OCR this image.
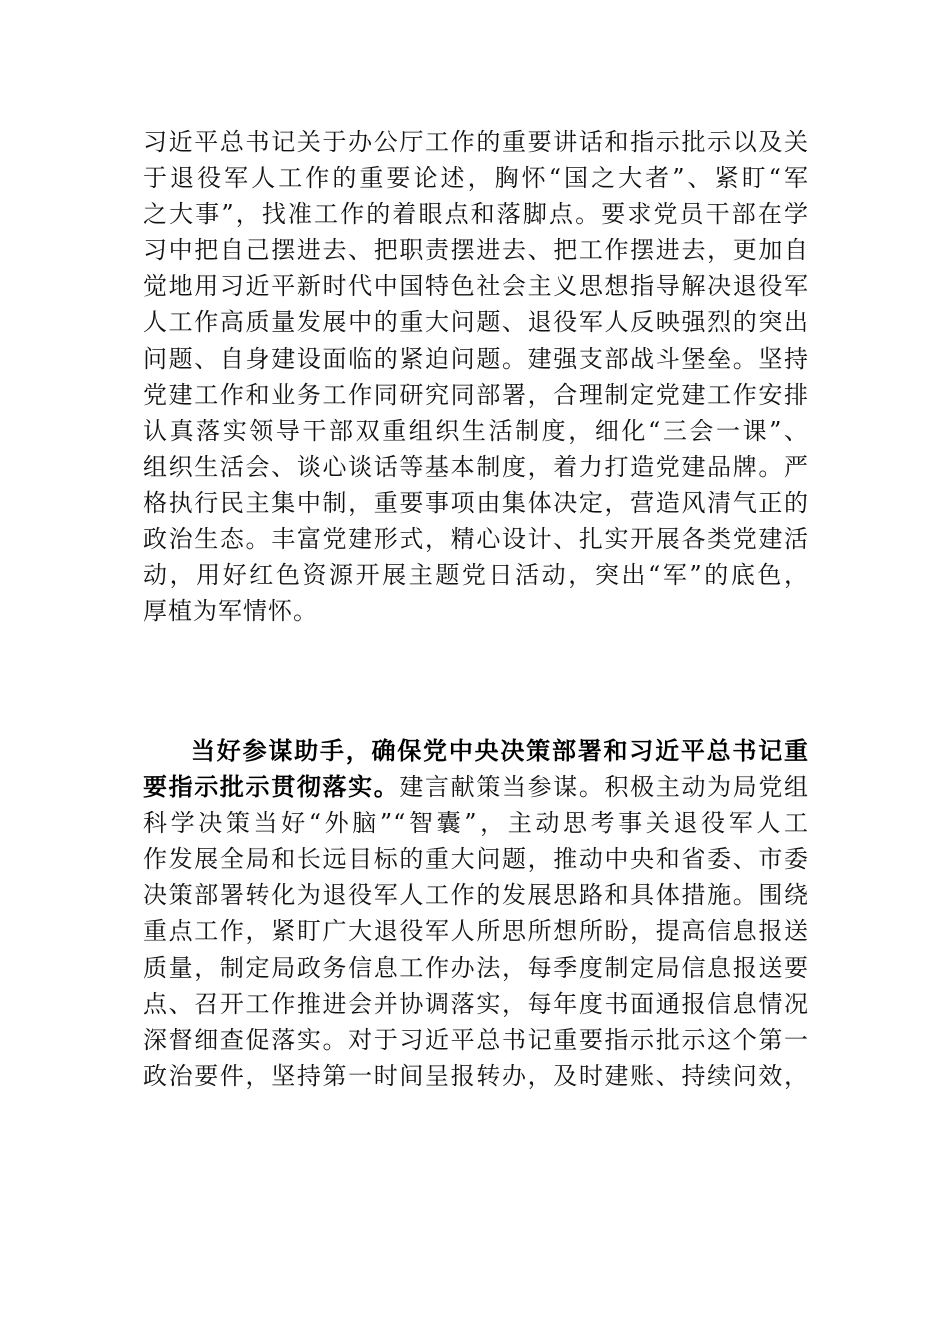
习近平总书记关于办公厅工作的重要讲话和指示批示以及关
于退役军人工作的重要论述，胸怀“国之大者”、紧盯“军
之大事”，找准工作的着眼点和落脚点。要求党员干部在学
习中把自己摆进去、把职责摆进去、把工作摆进去，更加自
觉地用习近平新时代中国特色社会主义思想指导解决退役军
人工作高质量发展中的重大问题、退役军人反映强烈的突出
问题、自身建设面临的紧迫问题。建强支部战斗堡垒。坚持
党建工作和业务工作同研究同部署，合理制定党建工作安排
认真落实领导干部双重组织生活制度，细化“三会一课”、
组织生活会、谈心谈话等基本制度，着力打造党建品牌。严
格执行民主集中制，重要事项由集体决定，营造风清气正的
政治生态。丰富党建形式，精心设计、扎实开展各类党建活
动，用好红色资源开展主题党日活动，突出“军”的底色，
厚植为军情怀。
当好参谋助手，确保党中央决策部署和习近平总书记重
要指示批示贯彻落实。建言献策当参谋。积极主动为局党组
科学决策当好“外脑”“智囊”，主动思考事关退役军人工
作发展全局和长远目标的重大问题，推动中央和省委、市委
决策部署转化为退役军人工作的发展思路和具体措施。围绕
重点工作，紧盯广大退役军人所思所想所盼，提高信息报送
质量，制定局政务信息工作办法，每季度制定局信息报送要
点、召开工作推进会并协调落实，每年度书面通报信息情况
深督细查促落实。对于习近平总书记重要指示批示这个第一
政治要件，坚持第一时间呈报转办，及时建账、持续问效，
